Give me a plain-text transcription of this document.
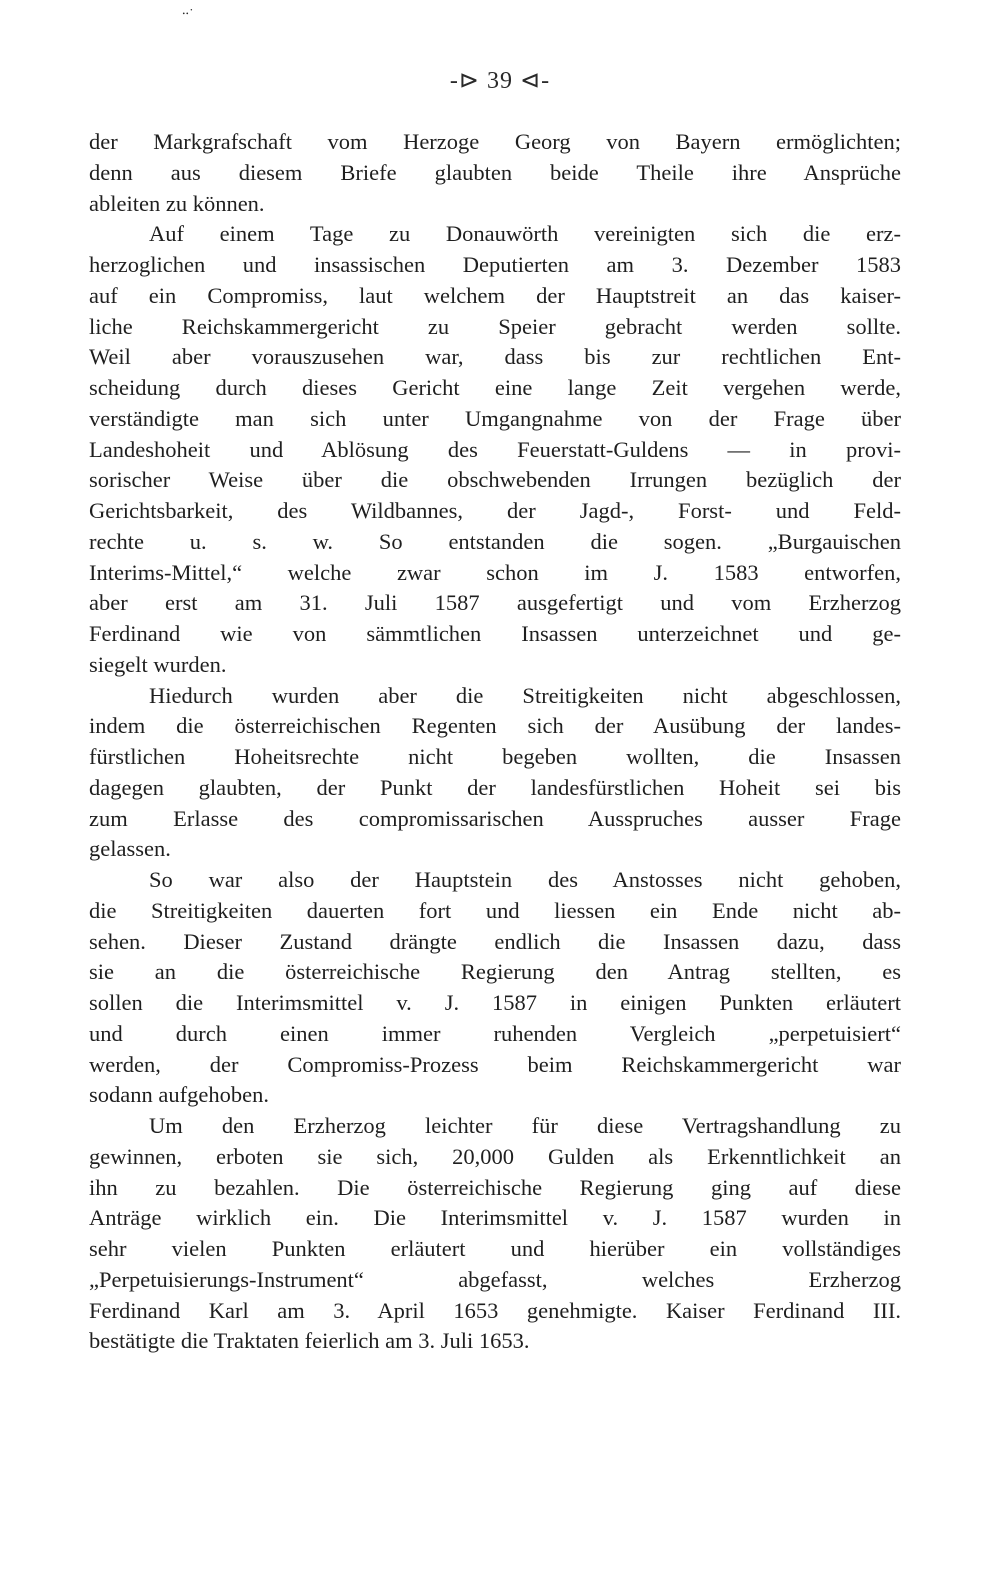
∙∙˙
-⊳ 39 ⊲-
der Markgrafschaft vom Herzoge Georg von Bayern ermöglichten;
denn aus diesem Briefe glaubten beide Theile ihre Ansprüche
ableiten zu können.
Auf einem Tage zu Donauwörth vereinigten sich die erz-
herzoglichen und insassischen Deputierten am 3. Dezember 1583
auf ein Compromiss, laut welchem der Hauptstreit an das kaiser-
liche Reichskammergericht zu Speier gebracht werden sollte.
Weil aber vorauszusehen war, dass bis zur rechtlichen Ent-
scheidung durch dieses Gericht eine lange Zeit vergehen werde,
verständigte man sich unter Umgangnahme von der Frage über
Landeshoheit und Ablösung des Feuerstatt-Guldens — in provi-
sorischer Weise über die obschwebenden Irrungen bezüglich der
Gerichtsbarkeit, des Wildbannes, der Jagd-, Forst- und Feld-
rechte u. s. w. So entstanden die sogen. „Burgauischen
Interims-Mittel,“ welche zwar schon im J. 1583 entworfen,
aber erst am 31. Juli 1587 ausgefertigt und vom Erzherzog
Ferdinand wie von sämmtlichen Insassen unterzeichnet und ge-
siegelt wurden.
Hiedurch wurden aber die Streitigkeiten nicht abgeschlossen,
indem die österreichischen Regenten sich der Ausübung der landes-
fürstlichen Hoheitsrechte nicht begeben wollten, die Insassen
dagegen glaubten, der Punkt der landesfürstlichen Hoheit sei bis
zum Erlasse des compromissarischen Ausspruches ausser Frage
gelassen.
So war also der Hauptstein des Anstosses nicht gehoben,
die Streitigkeiten dauerten fort und liessen ein Ende nicht ab-
sehen. Dieser Zustand drängte endlich die Insassen dazu, dass
sie an die österreichische Regierung den Antrag stellten, es
sollen die Interimsmittel v. J. 1587 in einigen Punkten erläutert
und durch einen immer ruhenden Vergleich „perpetuisiert“
werden, der Compromiss-Prozess beim Reichskammergericht war
sodann aufgehoben.
Um den Erzherzog leichter für diese Vertragshandlung zu
gewinnen, erboten sie sich, 20,000 Gulden als Erkenntlichkeit an
ihn zu bezahlen. Die österreichische Regierung ging auf diese
Anträge wirklich ein. Die Interimsmittel v. J. 1587 wurden in
sehr vielen Punkten erläutert und hierüber ein vollständiges
„Perpetuisierungs-Instrument“ abgefasst, welches Erzherzog
Ferdinand Karl am 3. April 1653 genehmigte. Kaiser Ferdinand III.
bestätigte die Traktaten feierlich am 3. Juli 1653.
